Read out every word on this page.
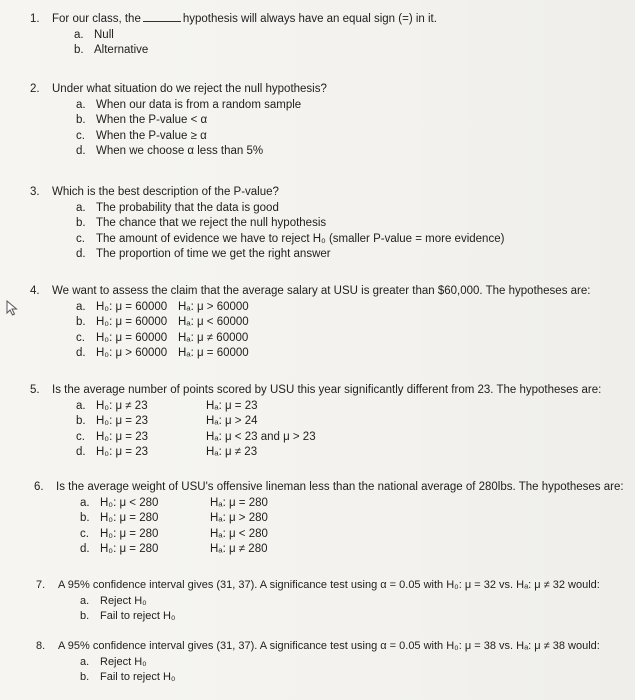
1. For our class, the	hypothesis will always have an equal sign (=) in it.
a. Null
b. Alternative
2. Under what situation do we reject the null hypothesis?
a. When our data is from a random sample
b. When the P-value < α
c. When the P-value ≥ α
d. When we choose α less than 5%
3. Which is the best description of the P-value?
a. The probability that the data is good
b. The chance that we reject the null hypothesis
c. The amount of evidence we have to reject H₀ (smaller P-value = more evidence)
d. The proportion of time we get the right answer
4. We want to assess the claim that the average salary at USU is greater than $60,000. The hypotheses are:
a. H₀: μ = 60000 Hₐ: μ > 60000
b. H₀: μ = 60000 Hₐ: μ < 60000
c. H₀: μ = 60000 Hₐ: μ ≠ 60000
d. H₀: μ > 60000 Hₐ: μ = 60000
5. Is the average number of points scored by USU this year significantly different from 23. The hypotheses are:
a. H₀: μ ≠ 23	Hₐ: μ = 23
b. H₀: μ = 23	Hₐ: μ > 24
c. H₀: μ = 23	Hₐ: μ < 23 and μ > 23
d. H₀: μ = 23	Hₐ: μ ≠ 23
6. Is the average weight of USU's offensive lineman less than the national average of 280lbs. The hypotheses are:
a. H₀: μ < 280	Hₐ: μ = 280
b. H₀: μ = 280	Hₐ: μ > 280
c. H₀: μ = 280	Hₐ: μ < 280
d. H₀: μ = 280	Hₐ: μ ≠ 280
7. A 95% confidence interval gives (31, 37). A significance test using α = 0.05 with H₀: μ = 32 vs. Hₐ: μ ≠ 32 would:
a. Reject H₀
b. Fail to reject H₀
8. A 95% confidence interval gives (31, 37). A significance test using α = 0.05 with H₀: μ = 38 vs. Hₐ: μ ≠ 38 would:
a. Reject H₀
b. Fail to reject H₀
